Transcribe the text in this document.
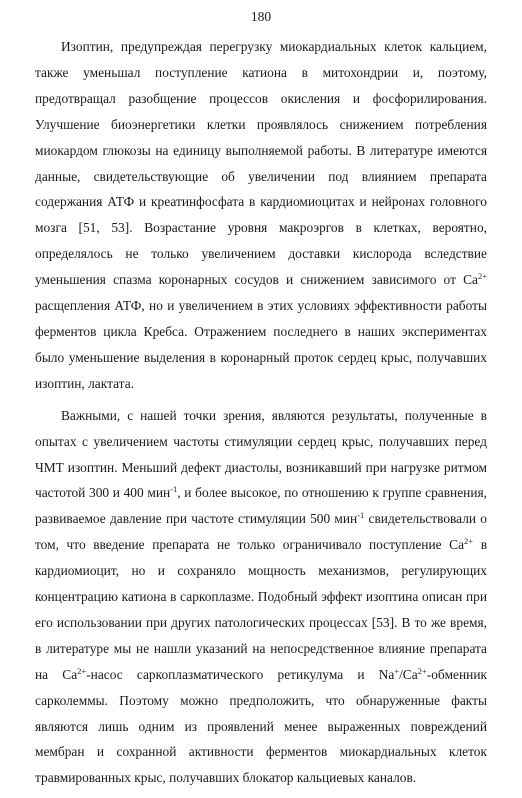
180

Изоптин, предупреждая перегрузку миокардиальных клеток кальцием, также уменьшал поступление катиона в митохондрии и, поэтому, предотвращал разобщение процессов окисления и фосфорилирования. Улучшение биоэнергетики клетки проявлялось снижением потребления миокардом глюкозы на единицу выполняемой работы. В литературе имеются данные, свидетельствующие об увеличении под влиянием препарата содержания АТФ и креатинфосфата в кардиомиоцитах и нейронах головного мозга [51, 53]. Возрастание уровня макроэргов в клетках, вероятно, определялось не только увеличением доставки кислорода вследствие уменьшения спазма коронарных сосудов и снижением зависимого от $Ca^{2+}$ расщепления АТФ, но и увеличением в этих условиях эффективности работы ферментов цикла Кребса. Отражением последнего в наших экспериментах было уменьшение выделения в коронарный проток сердец крыс, получавших изоптин, лактата.

Важными, с нашей точки зрения, являются результаты, полученные в опытах с увеличением частоты стимуляции сердец крыс, получавших перед ЧМТ изоптин. Меньший дефект диастолы, возникавший при нагрузке ритмом частотой 300 и 400 мин$^{-1}$, и более высокое, по отношению к группе сравнения, развиваемое давление при частоте стимуляции 500 мин$^{-1}$ свидетельствовали о том, что введение препарата не только ограничивало поступление $Ca^{2+}$ в кардиомиоцит, но и сохраняло мощность механизмов, регулирующих концентрацию катиона в саркоплазме. Подобный эффект изоптина описан при его использовании при других патологических процессах [53]. В то же время, в литературе мы не нашли указаний на непосредственное влияние препарата на $Ca^{2+}$-насос саркоплазматического ретикулума и $Na^+/Ca^{2+}$-обменник сарколеммы. Поэтому можно предположить, что обнаруженные факты являются лишь одним из проявлений менее выраженных повреждений мембран и сохранной активности ферментов миокардиальных клеток травмированных крыс, получавших блокатор кальциевых каналов.
